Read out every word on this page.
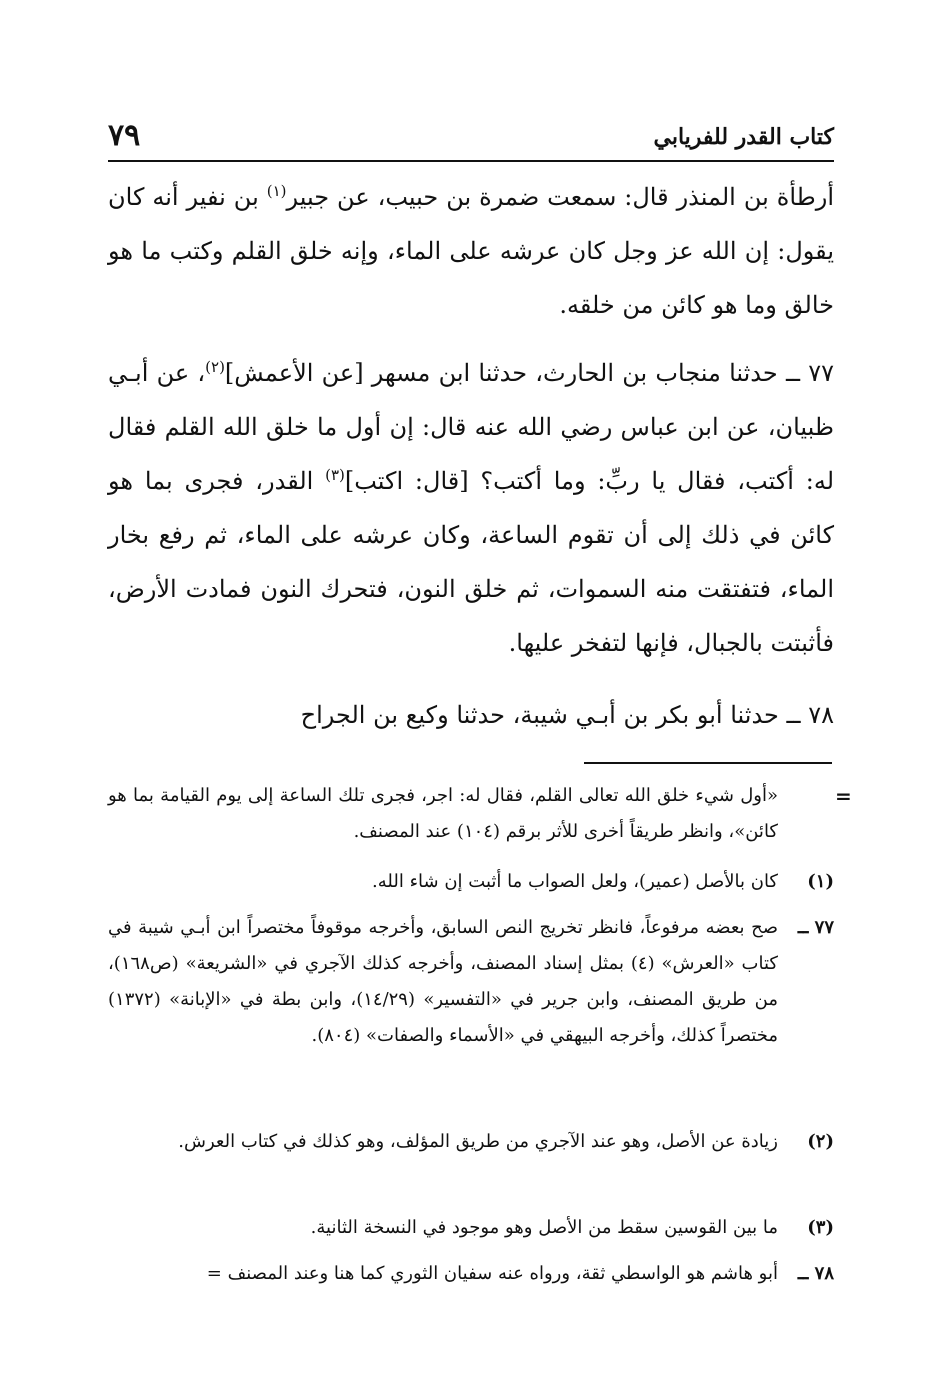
كتاب القدر للفريابي
٧٩

أرطأة بن المنذر قال: سمعت ضمرة بن حبيب، عن جبير$^{(١)}$ بن نفير أنه كان يقول: إن الله عز وجل كان عرشه على الماء، وإنه خلق القلم وكتب ما هو خالق وما هو كائن من خلقه.

٧٧ ــ حدثنا منجاب بن الحارث، حدثنا ابن مسهر [عن الأعمش]$^{(٢)}$، عن أبـي ظبيان، عن ابن عباس رضي الله عنه قال: إن أول ما خلق الله القلم فقال له: أكتب، فقال يا ربِّ: وما أكتب؟ [قال: اكتب]$^{(٣)}$ القدر، فجرى بما هو كائن في ذلك إلى أن تقوم الساعة، وكان عرشه على الماء، ثم رفع بخار الماء، فتفتقت منه السموات، ثم خلق النون، فتحرك النون فمادت الأرض، فأثبتت بالجبال، فإنها لتفخر عليها.

٧٨ ــ حدثنا أبو بكر بن أبـي شيبة، حدثنا وكيع بن الجراح

=
«أول شيء خلق الله تعالى القلم، فقال له: اجر، فجرى تلك الساعة إلى يوم القيامة بما هو كائن»، وانظر طريقاً أخرى للأثر برقم (١٠٤) عند المصنف.
(١)
كان بالأصل (عمير)، ولعل الصواب ما أثبت إن شاء الله.
٧٧ ــ
صح بعضه مرفوعاً، فانظر تخريج النص السابق، وأخرجه موقوفاً مختصراً ابن أبـي شيبة في كتاب «العرش» (٤) بمثل إسناد المصنف، وأخرجه كذلك الآجري في «الشريعة» (ص١٦٨)، من طريق المصنف، وابن جرير في «التفسير» (١٤/٢٩)، وابن بطة في «الإبانة» (١٣٧٢) مختصراً كذلك، وأخرجه البيهقي في «الأسماء والصفات» (٨٠٤).
(٢)
زيادة عن الأصل، وهو عند الآجري من طريق المؤلف، وهو كذلك في كتاب العرش.
(٣)
ما بين القوسين سقط من الأصل وهو موجود في النسخة الثانية.
٧٨ ــ
أبو هاشم هو الواسطي ثقة، ورواه عنه سفيان الثوري كما هنا وعند المصنف =
